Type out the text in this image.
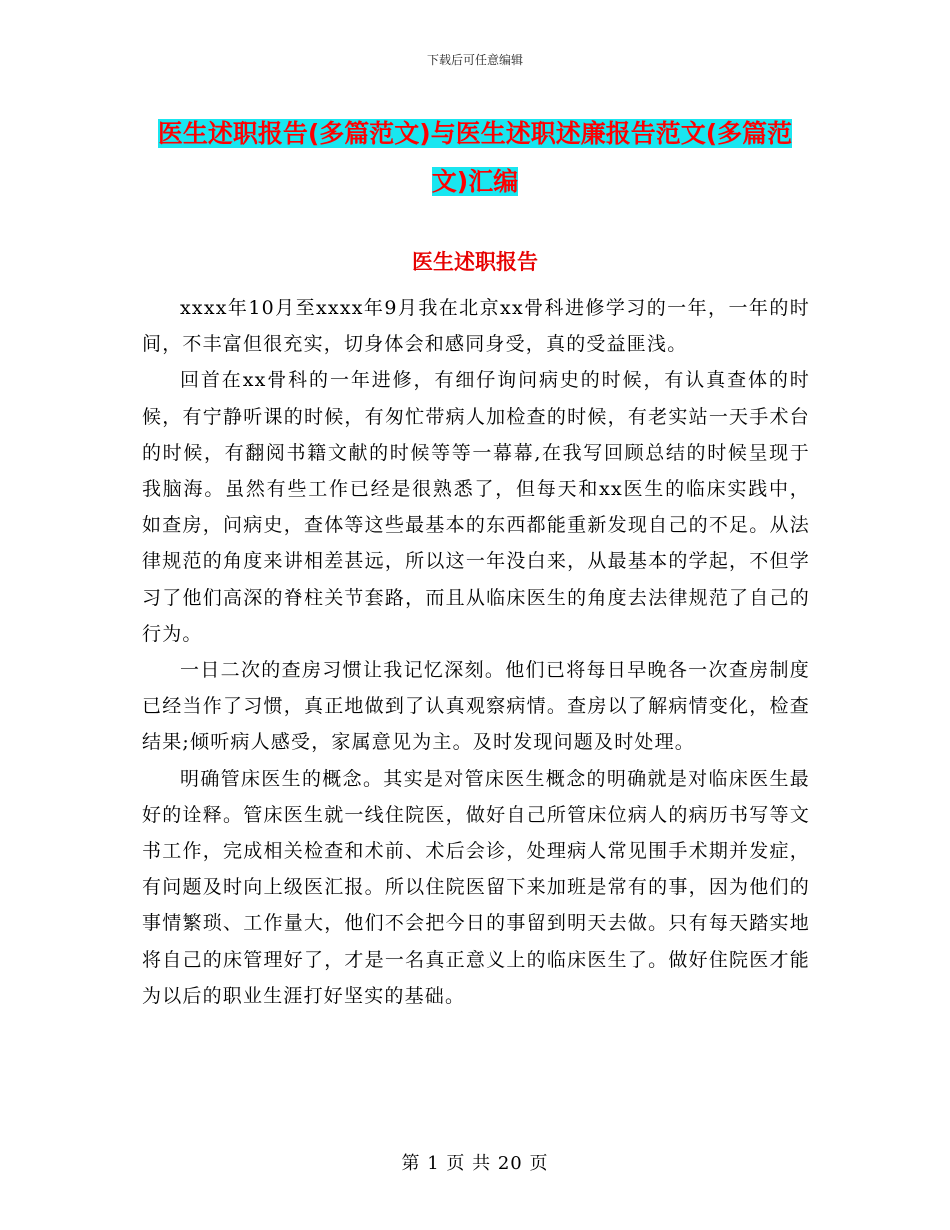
下载后可任意编辑
医生述职报告(多篇范文)与医生述职述廉报告范文(多篇范文)汇编
医生述职报告

xxxx年10月至xxxx年9月我在北京xx骨科进修学习的一年，一年的时间，不丰富但很充实，切身体会和感同身受，真的受益匪浅。

回首在xx骨科的一年进修，有细仔询问病史的时候，有认真查体的时候，有宁静听课的时候，有匆忙带病人加检查的时候，有老实站一天手术台的时候，有翻阅书籍文献的时候等等一幕幕,在我写回顾总结的时候呈现于我脑海。虽然有些工作已经是很熟悉了，但每天和xx医生的临床实践中，如查房，问病史，查体等这些最基本的东西都能重新发现自己的不足。从法律规范的角度来讲相差甚远，所以这一年没白来，从最基本的学起，不但学习了他们高深的脊柱关节套路，而且从临床医生的角度去法律规范了自己的行为。

一日二次的查房习惯让我记忆深刻。他们已将每日早晚各一次查房制度已经当作了习惯，真正地做到了认真观察病情。查房以了解病情变化，检查结果;倾听病人感受，家属意见为主。及时发现问题及时处理。

明确管床医生的概念。其实是对管床医生概念的明确就是对临床医生最好的诠释。管床医生就一线住院医，做好自己所管床位病人的病历书写等文书工作，完成相关检查和术前、术后会诊，处理病人常见围手术期并发症，有问题及时向上级医汇报。所以住院医留下来加班是常有的事，因为他们的事情繁琐、工作量大，他们不会把今日的事留到明天去做。只有每天踏实地将自己的床管理好了，才是一名真正意义上的临床医生了。做好住院医才能为以后的职业生涯打好坚实的基础。

第 1 页 共 20 页
